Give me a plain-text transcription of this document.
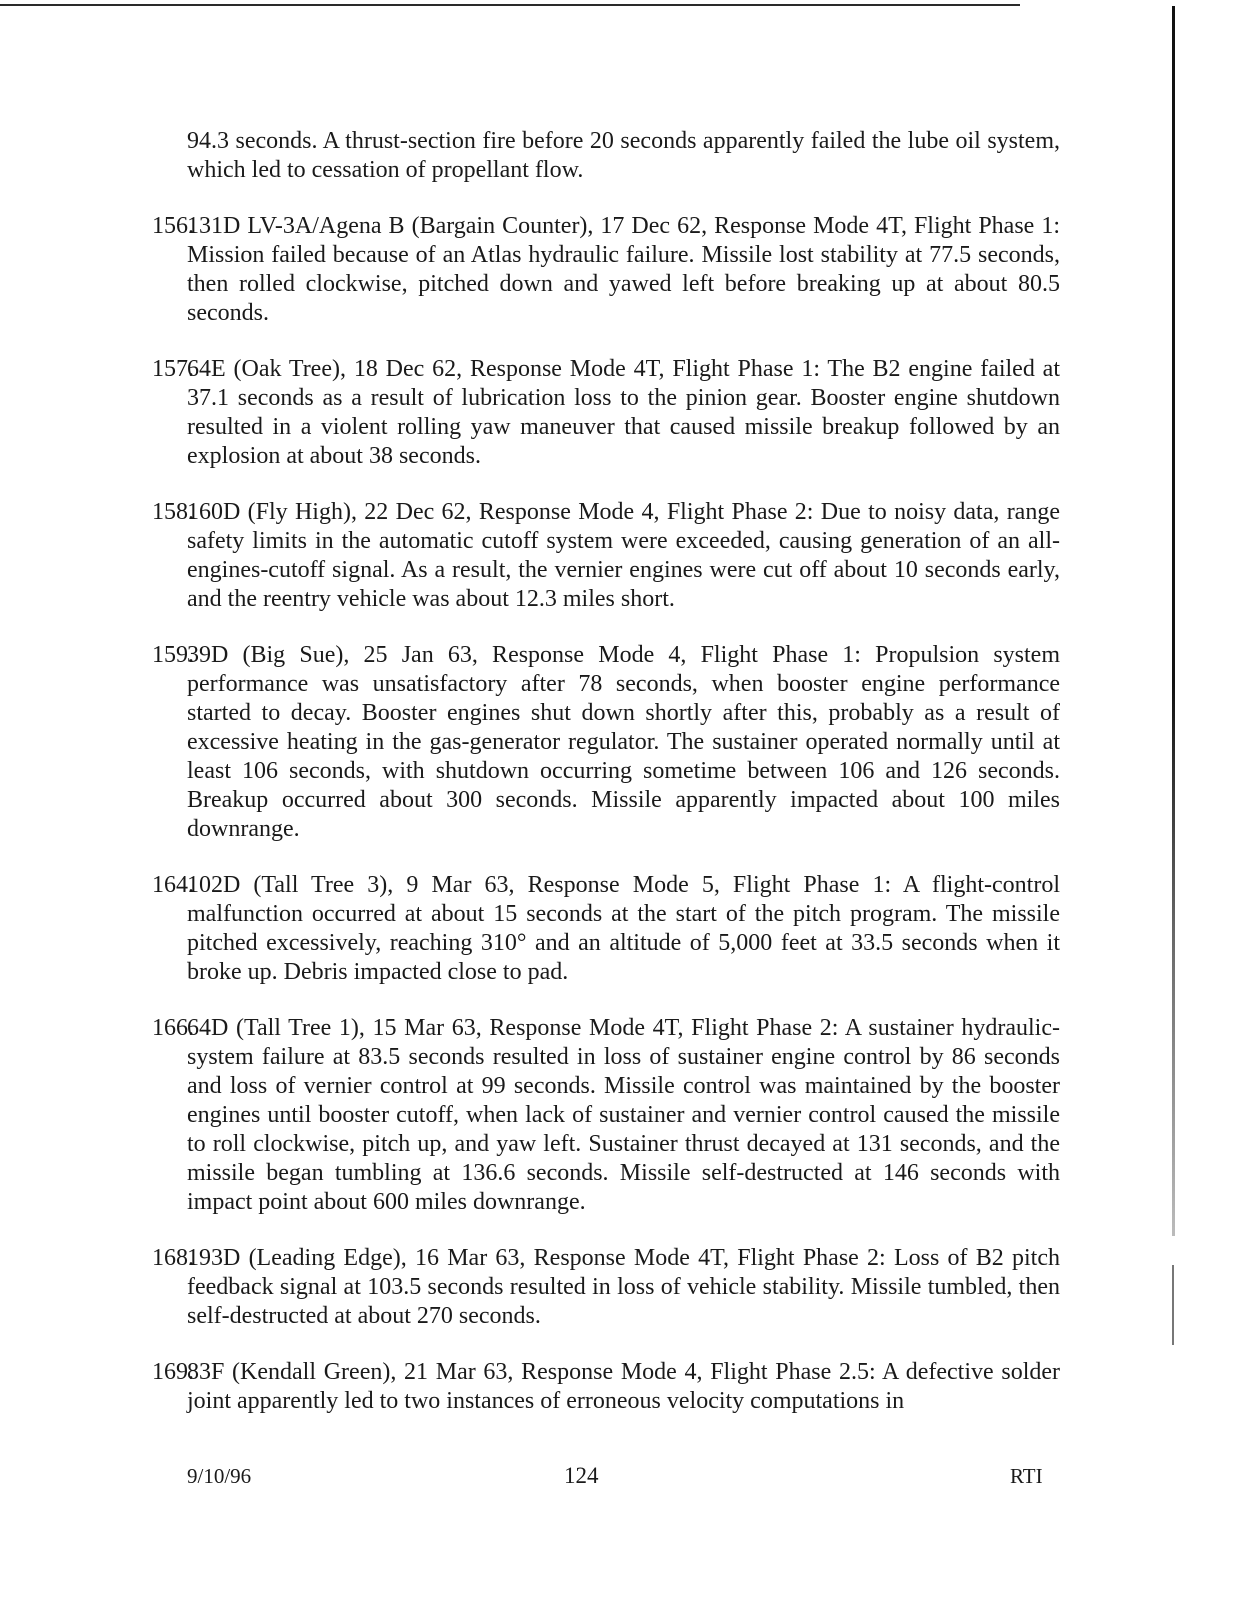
94.3 seconds. A thrust-section fire before 20 seconds apparently failed the lube oil system, which led to cessation of propellant flow.

156.
131D LV-3A/Agena B (Bargain Counter), 17 Dec 62, Response Mode 4T, Flight Phase 1: Mission failed because of an Atlas hydraulic failure. Missile lost stability at 77.5 seconds, then rolled clockwise, pitched down and yawed left before breaking up at about 80.5 seconds.
157.
64E (Oak Tree), 18 Dec 62, Response Mode 4T, Flight Phase 1: The B2 engine failed at 37.1 seconds as a result of lubrication loss to the pinion gear. Booster engine shutdown resulted in a violent rolling yaw maneuver that caused missile breakup followed by an explosion at about 38 seconds.
158.
160D (Fly High), 22 Dec 62, Response Mode 4, Flight Phase 2: Due to noisy data, range safety limits in the automatic cutoff system were exceeded, causing generation of an all-engines-cutoff signal. As a result, the vernier engines were cut off about 10 seconds early, and the reentry vehicle was about 12.3 miles short.
159.
39D (Big Sue), 25 Jan 63, Response Mode 4, Flight Phase 1: Propulsion system performance was unsatisfactory after 78 seconds, when booster engine performance started to decay. Booster engines shut down shortly after this, probably as a result of excessive heating in the gas-generator regulator. The sustainer operated normally until at least 106 seconds, with shutdown occurring sometime between 106 and 126 seconds. Breakup occurred about 300 seconds. Missile apparently impacted about 100 miles downrange.
164.
102D (Tall Tree 3), 9 Mar 63, Response Mode 5, Flight Phase 1: A flight-control malfunction occurred at about 15 seconds at the start of the pitch program. The missile pitched excessively, reaching 310° and an altitude of 5,000 feet at 33.5 seconds when it broke up. Debris impacted close to pad.
166.
64D (Tall Tree 1), 15 Mar 63, Response Mode 4T, Flight Phase 2: A sustainer hydraulic-system failure at 83.5 seconds resulted in loss of sustainer engine control by 86 seconds and loss of vernier control at 99 seconds. Missile control was maintained by the booster engines until booster cutoff, when lack of sustainer and vernier control caused the missile to roll clockwise, pitch up, and yaw left. Sustainer thrust decayed at 131 seconds, and the missile began tumbling at 136.6 seconds. Missile self-destructed at 146 seconds with impact point about 600 miles downrange.
168.
193D (Leading Edge), 16 Mar 63, Response Mode 4T, Flight Phase 2: Loss of B2 pitch feedback signal at 103.5 seconds resulted in loss of vehicle stability. Missile tumbled, then self-destructed at about 270 seconds.
169.
83F (Kendall Green), 21 Mar 63, Response Mode 4, Flight Phase 2.5: A defective solder joint apparently led to two instances of erroneous velocity computations in
9/10/96	124	RTI
